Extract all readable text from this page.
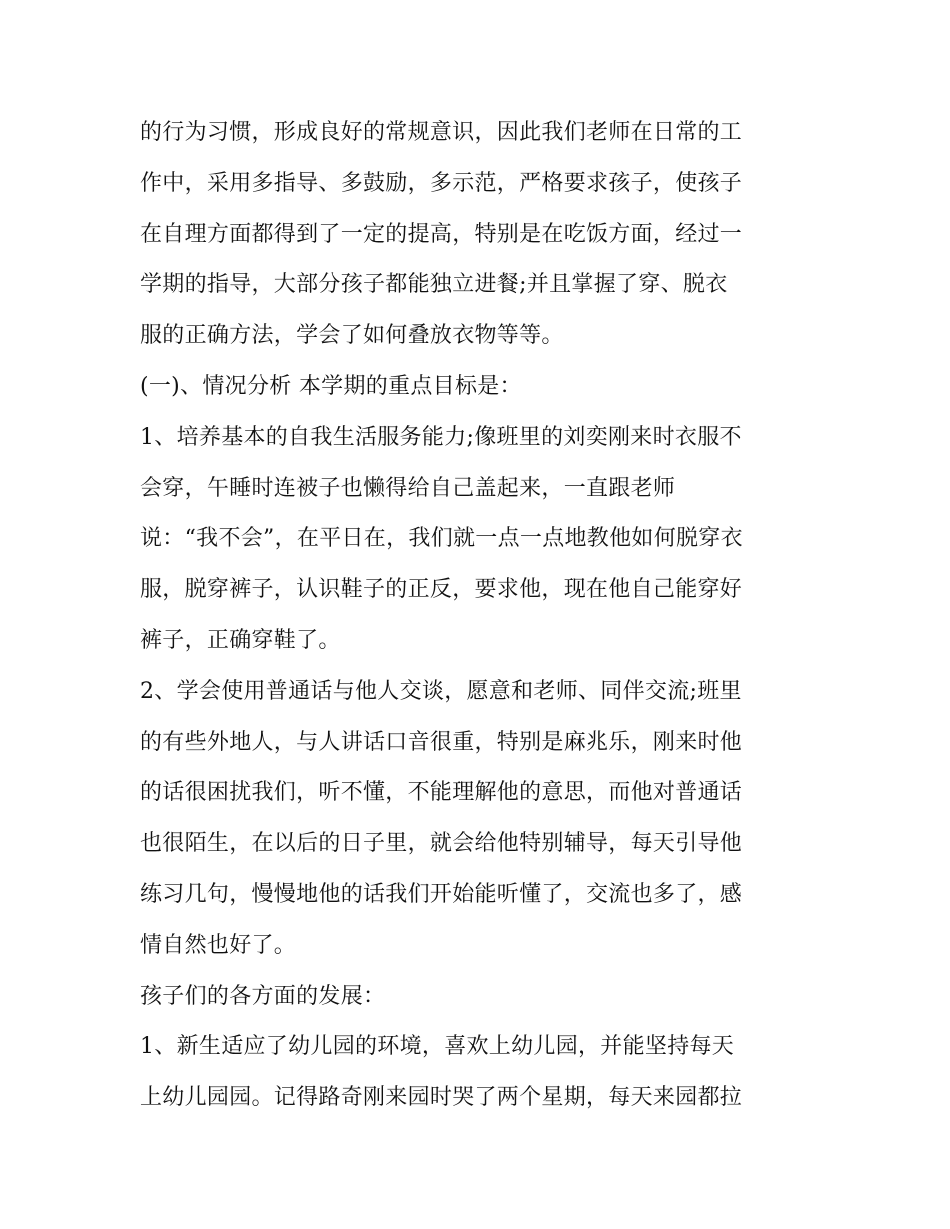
的行为习惯，形成良好的常规意识，因此我们老师在日常的工
作中，采用多指导、多鼓励，多示范，严格要求孩子，使孩子
在自理方面都得到了一定的提高，特别是在吃饭方面，经过一
学期的指导，大部分孩子都能独立进餐;并且掌握了穿、脱衣
服的正确方法，学会了如何叠放衣物等等。
(一)、情况分析 本学期的重点目标是：
1、培养基本的自我生活服务能力;像班里的刘奕刚来时衣服不
会穿，午睡时连被子也懒得给自己盖起来，一直跟老师
说：“我不会”，在平日在，我们就一点一点地教他如何脱穿衣
服，脱穿裤子，认识鞋子的正反，要求他，现在他自己能穿好
裤子，正确穿鞋了。
2、学会使用普通话与他人交谈，愿意和老师、同伴交流;班里
的有些外地人，与人讲话口音很重，特别是麻兆乐，刚来时他
的话很困扰我们，听不懂，不能理解他的意思，而他对普通话
也很陌生，在以后的日子里，就会给他特别辅导，每天引导他
练习几句，慢慢地他的话我们开始能听懂了，交流也多了，感
情自然也好了。
孩子们的各方面的发展：
1、新生适应了幼儿园的环境，喜欢上幼儿园，并能坚持每天
上幼儿园园。记得路奇刚来园时哭了两个星期，每天来园都拉
